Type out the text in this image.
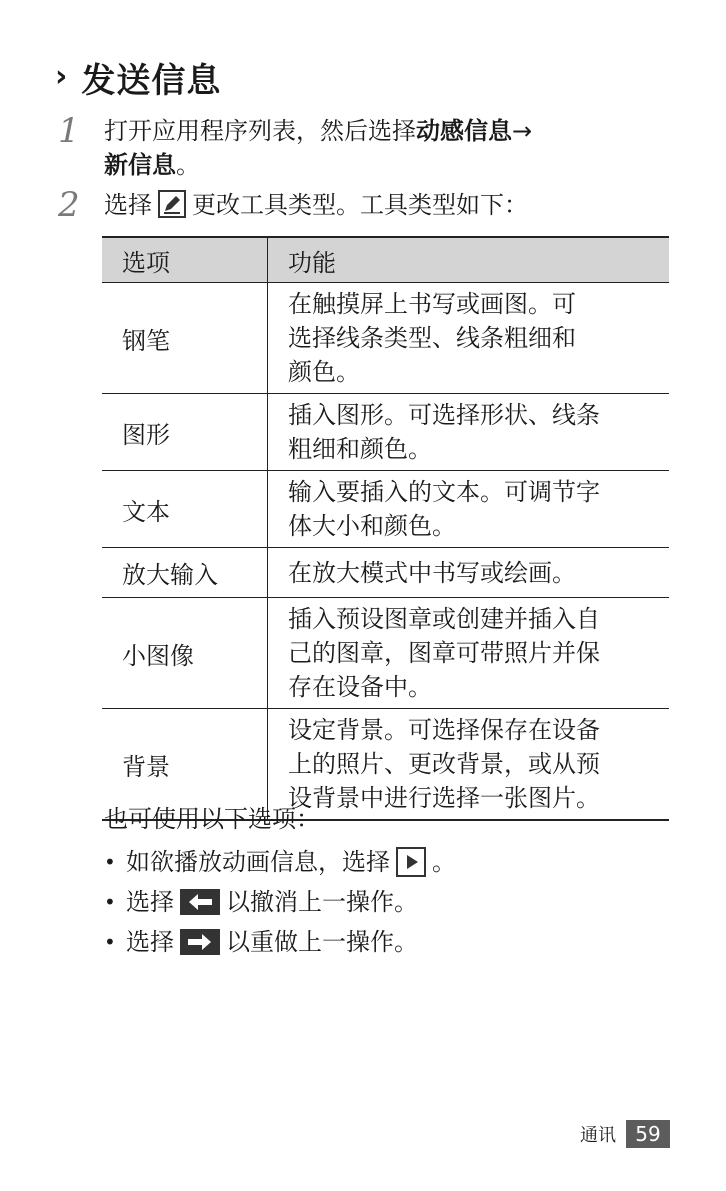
› 发送信息
1 打开应用程序列表，然后选择动感信息→
新信息。
2 选择 更改工具类型。工具类型如下：
选项	功能
钢笔	在触摸屏上书写或画图。可
选择线条类型、线条粗细和
颜色。

图形	插入图形。可选择形状、线条
粗细和颜色。

文本	输入要插入的文本。可调节字
体大小和颜色。

放大输入	在放大模式中书写或绘画。

小图像	插入预设图章或创建并插入自
己的图章，图章可带照片并保
存在设备中。

背景	设定背景。可选择保存在设备
上的照片、更改背景，或从预
设背景中进行选择一张图片。
也可使用以下选项：
• 如欲播放动画信息，选择 。
• 选择 以撤消上一操作。
• 选择 以重做上一操作。
通讯 59
